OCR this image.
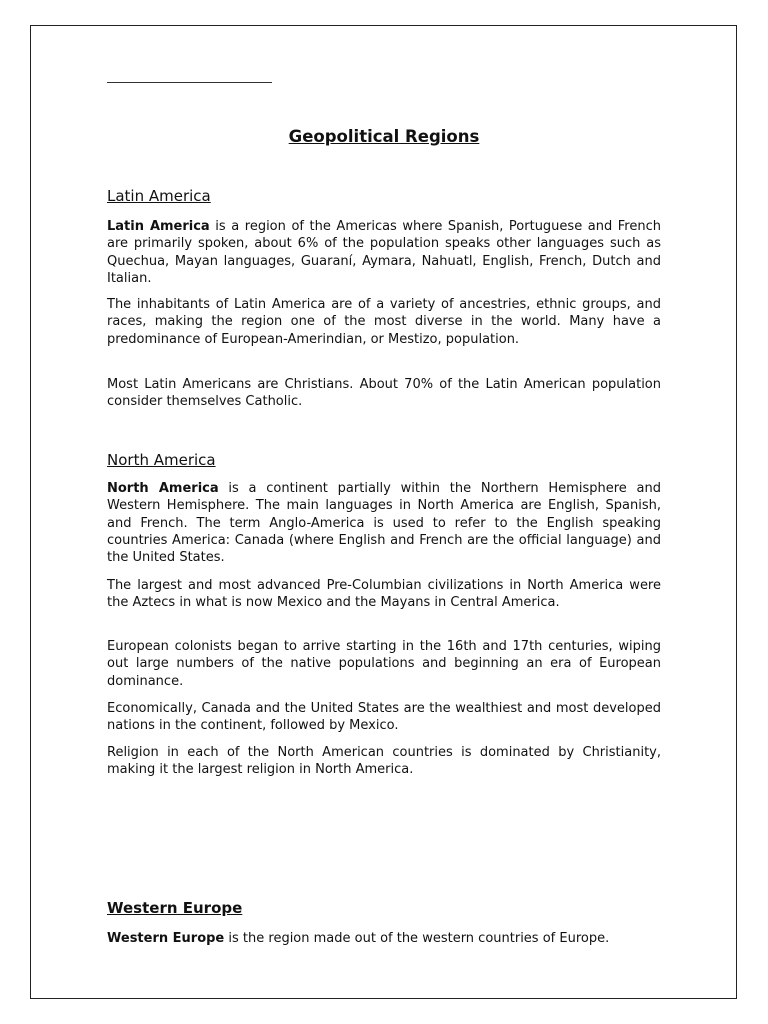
Geopolitical Regions
Latin America

Latin America is a region of the Americas where Spanish, Portuguese and French are primarily spoken, about 6% of the population speaks other languages such as Quechua, Mayan languages, Guaraní, Aymara, Nahuatl, English, French, Dutch and Italian.

The inhabitants of Latin America are of a variety of ancestries, ethnic groups, and races, making the region one of the most diverse in the world. Many have a predominance of European-Amerindian, or Mestizo, population.

Most Latin Americans are Christians. About 70% of the Latin American population consider themselves Catholic.

North America

North America is a continent partially within the Northern Hemisphere and Western Hemisphere. The main languages in North America are English, Spanish, and French. The term Anglo-America is used to refer to the English speaking countries America: Canada (where English and French are the official language) and the United States.

The largest and most advanced Pre-Columbian civilizations in North America were the Aztecs in what is now Mexico and the Mayans in Central America.

European colonists began to arrive starting in the 16th and 17th centuries, wiping out large numbers of the native populations and beginning an era of European dominance.

Economically, Canada and the United States are the wealthiest and most developed nations in the continent, followed by Mexico.

Religion in each of the North American countries is dominated by Christianity, making it the largest religion in North America.

Western Europe

Western Europe is the region made out of the western countries of Europe.
